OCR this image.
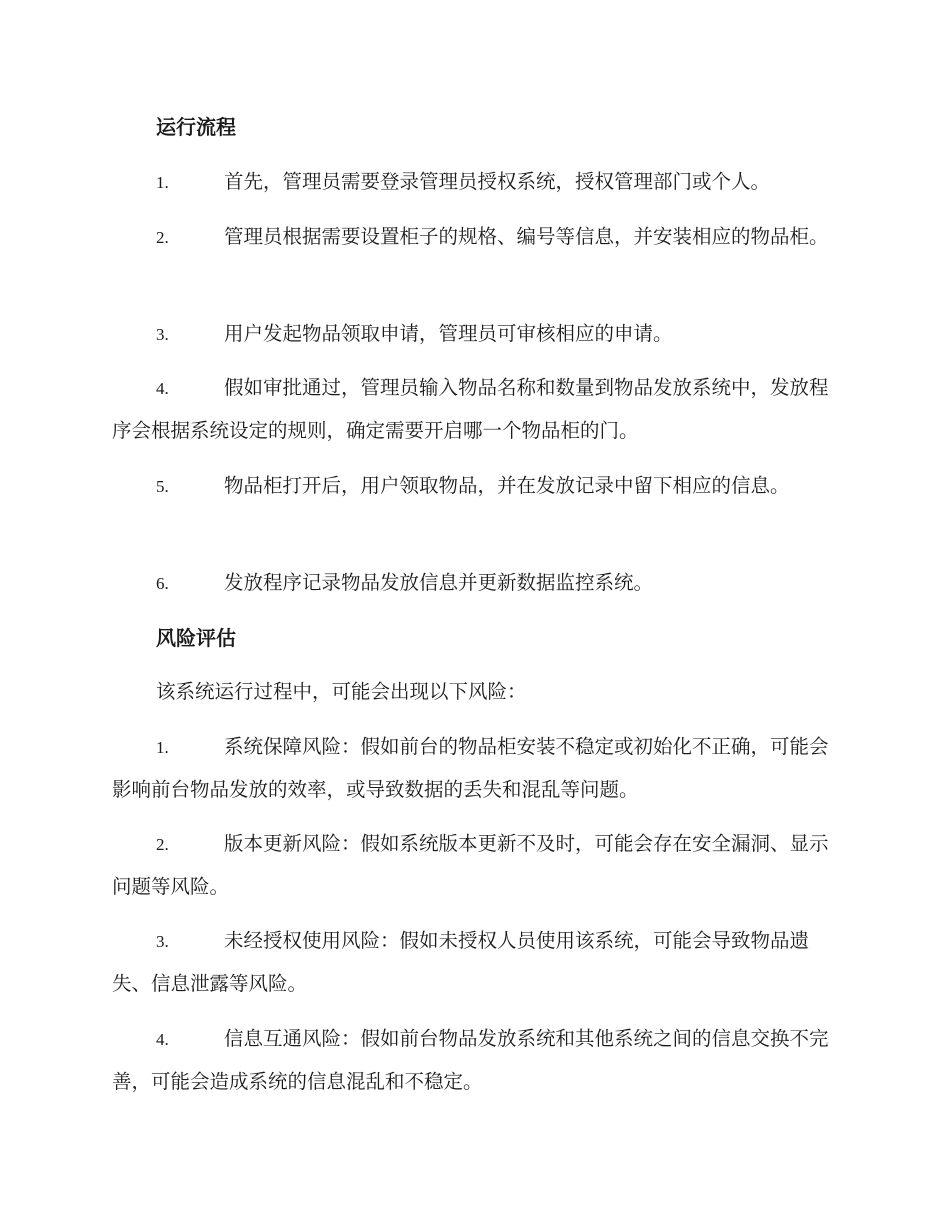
运行流程
1.	首先，管理员需要登录管理员授权系统，授权管理部门或个人。
2.	管理员根据需要设置柜子的规格、编号等信息，并安装相应的物品柜。
3.	用户发起物品领取申请，管理员可审核相应的申请。
4.	假如审批通过，管理员输入物品名称和数量到物品发放系统中，发放程序会根据系统设定的规则，确定需要开启哪一个物品柜的门。
5.	物品柜打开后，用户领取物品，并在发放记录中留下相应的信息。
6.	发放程序记录物品发放信息并更新数据监控系统。
风险评估
该系统运行过程中，可能会出现以下风险：
1.	系统保障风险：假如前台的物品柜安装不稳定或初始化不正确，可能会影响前台物品发放的效率，或导致数据的丢失和混乱等问题。
2.	版本更新风险：假如系统版本更新不及时，可能会存在安全漏洞、显示问题等风险。
3.	未经授权使用风险：假如未授权人员使用该系统，可能会导致物品遗失、信息泄露等风险。
4.	信息互通风险：假如前台物品发放系统和其他系统之间的信息交换不完善，可能会造成系统的信息混乱和不稳定。
